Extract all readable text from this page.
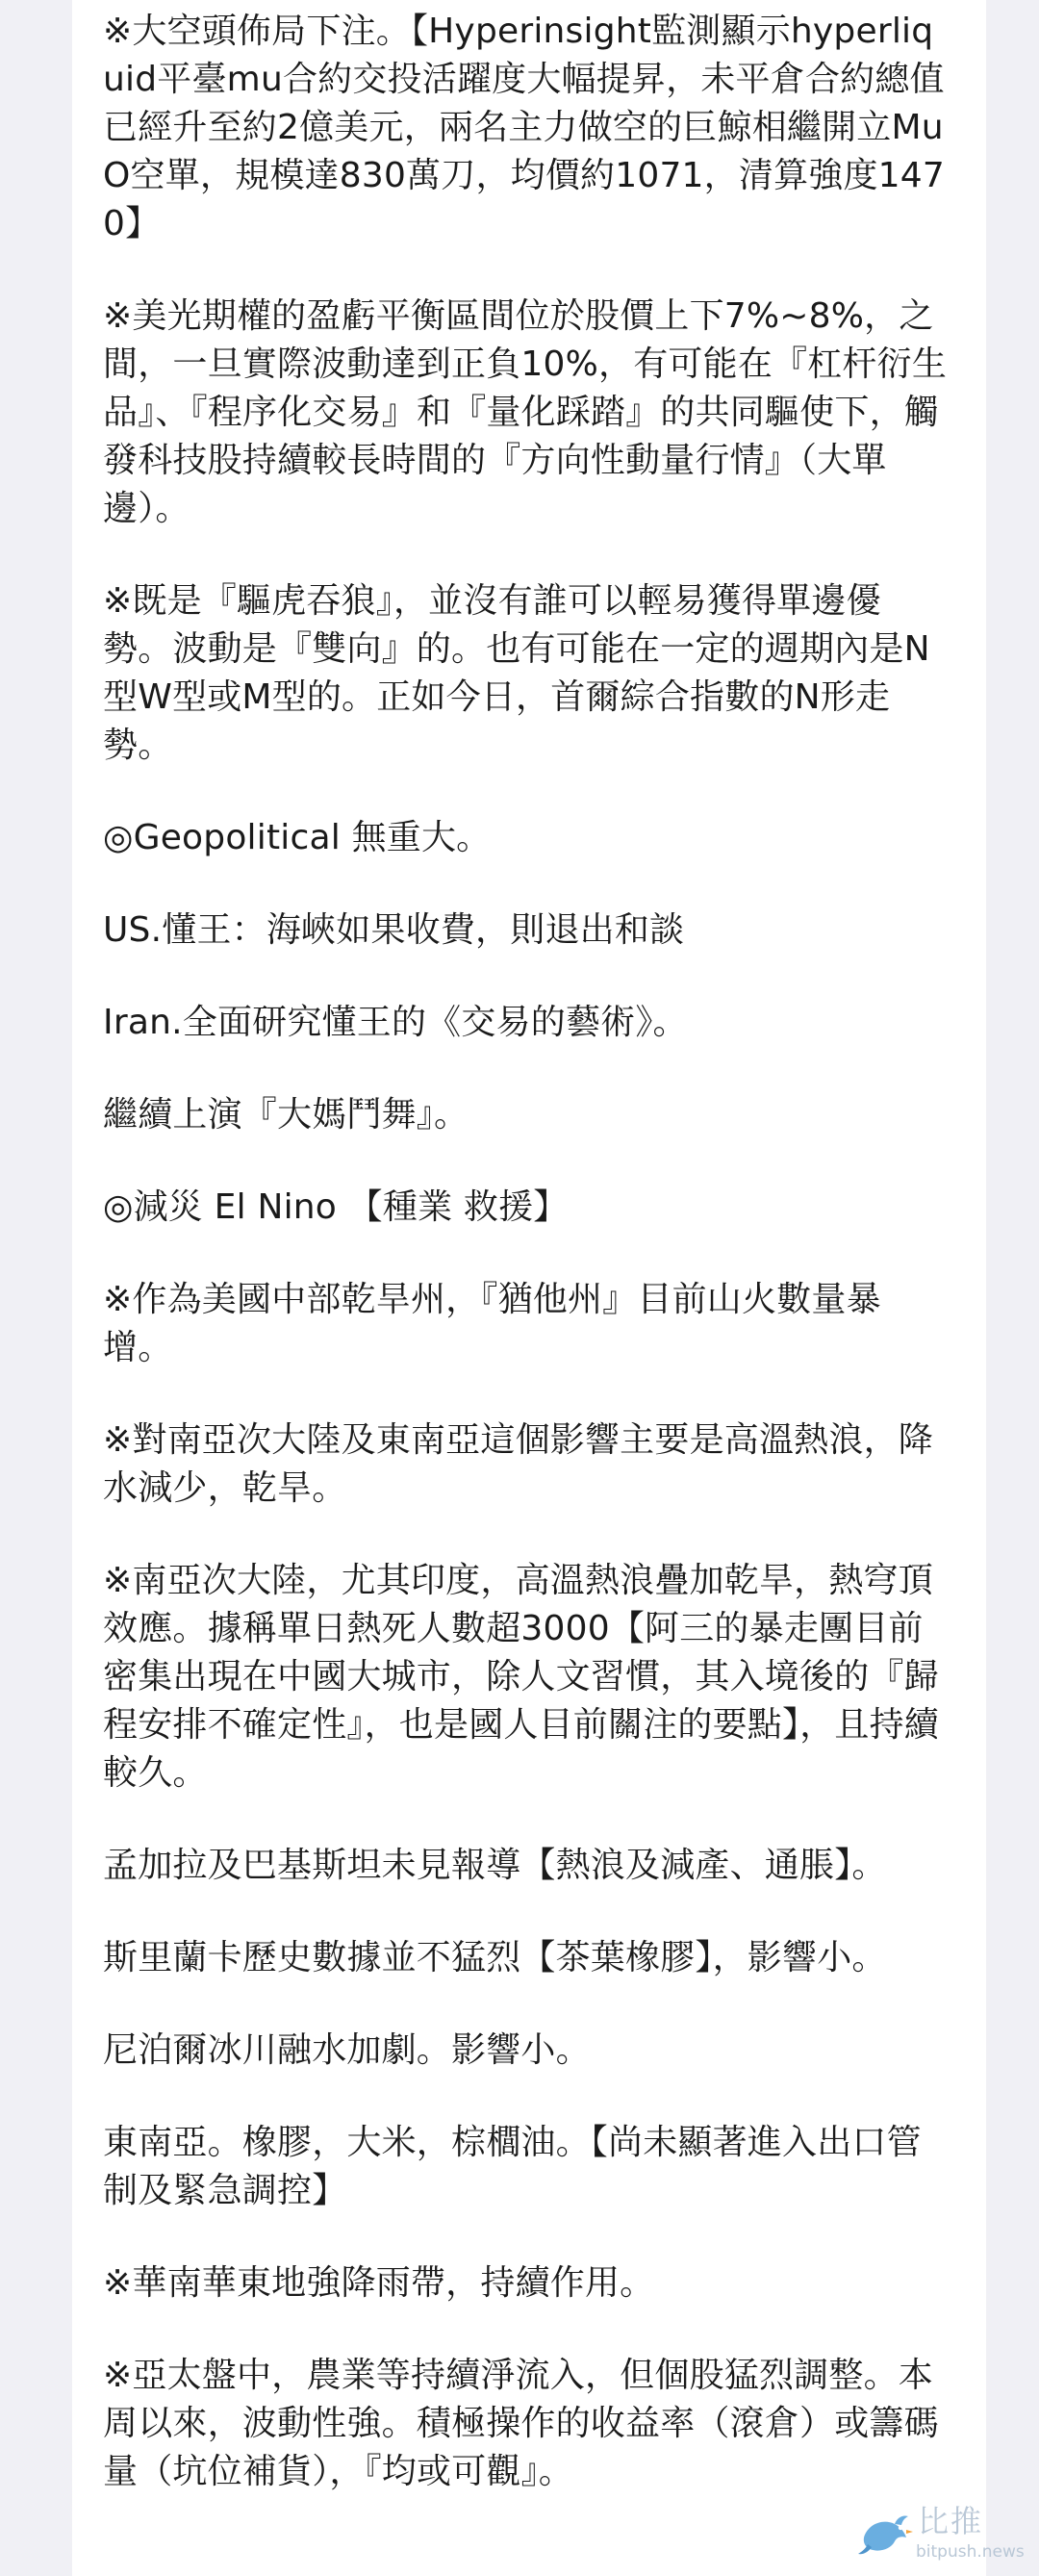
※大空頭佈局下注。【Hyperinsight監測顯示hyperliquid平臺mu合約交投活躍度大幅提昇，未平倉合約總值已經升至約2億美元，兩名主力做空的巨鯨相繼開立MuO空單，規模達830萬刀，均價約1071，清算強度1470】

※美光期權的盈虧平衡區間位於股價上下7%~8%，之間，一旦實際波動達到正負10%，有可能在『杠杆衍生品』、『程序化交易』和『量化踩踏』的共同驅使下，觸發科技股持續較長時間的『方向性動量行情』（大單邊）。

※既是『驅虎吞狼』，並沒有誰可以輕易獲得單邊優勢。波動是『雙向』的。也有可能在一定的週期內是N型W型或M型的。正如今日，首爾綜合指數的N形走勢。

◎Geopolitical 無重大。

US.懂王：海峽如果收費，則退出和談

Iran.全面研究懂王的《交易的藝術》。

繼續上演『大媽鬥舞』。

◎減災 El Nino 【種業 救援】

※作為美國中部乾旱州，『猶他州』目前山火數量暴增。

※對南亞次大陸及東南亞這個影響主要是高溫熱浪，降水減少，乾旱。

※南亞次大陸，尤其印度，高溫熱浪疊加乾旱，熱穹頂效應。據稱單日熱死人數超3000【阿三的暴走團目前密集出現在中國大城市，除人文習慣，其入境後的『歸程安排不確定性』，也是國人目前關注的要點】，且持續較久。

孟加拉及巴基斯坦未見報導【熱浪及減產、通脹】。

斯里蘭卡歷史數據並不猛烈【茶葉橡膠】，影響小。

尼泊爾冰川融水加劇。影響小。

東南亞。橡膠，大米，棕櫚油。【尚未顯著進入出口管制及緊急調控】

※華南華東地強降雨帶，持續作用。

※亞太盤中，農業等持續淨流入，但個股猛烈調整。本周以來，波動性強。積極操作的收益率（滾倉）或籌碼量（坑位補貨），『均或可觀』。

比推
bitpush.news
